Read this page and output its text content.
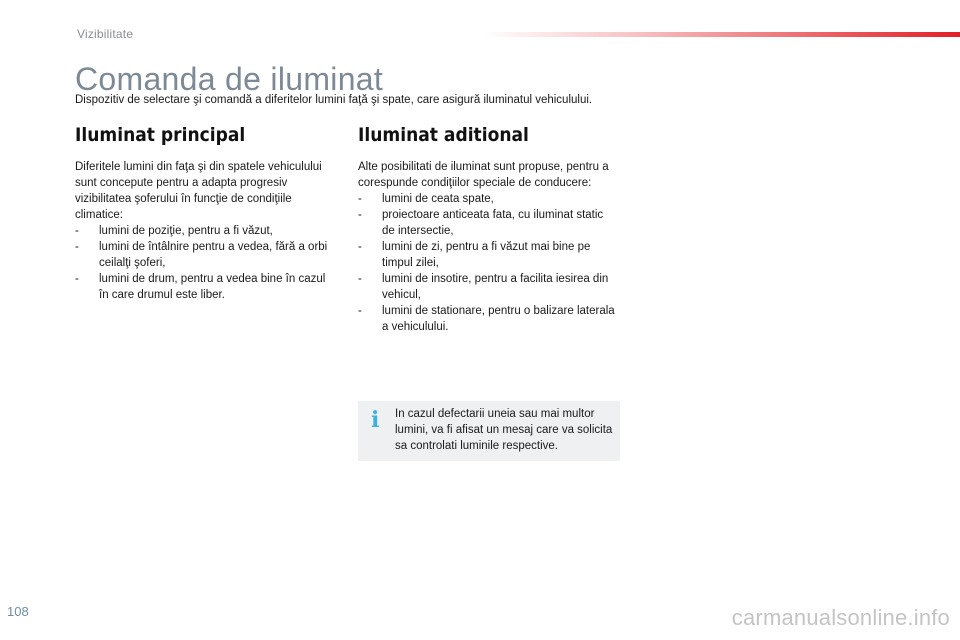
Vizibilitate
Comanda de iluminat

Dispozitiv de selectare şi comandă a diferitelor lumini faţă şi spate, care asigură iluminatul vehiculului.

Iluminat principal

Diferitele lumini din faţa şi din spatele vehiculului sunt concepute pentru a adapta progresiv vizibilitatea şoferului în funcţie de condiţiile climatice:

- lumini de poziţie, pentru a fi văzut,
- lumini de întâlnire pentru a vedea, fără a orbi ceilalţi şoferi,
- lumini de drum, pentru a vedea bine în cazul în care drumul este liber.
Iluminat aditional

Alte posibilitati de iluminat sunt propuse, pentru a corespunde condiţiilor speciale de conducere:

- lumini de ceata spate,
- proiectoare anticeata fata, cu iluminat static de intersectie,
- lumini de zi, pentru a fi văzut mai bine pe timpul zilei,
- lumini de insotire, pentru a facilita iesirea din vehicul,
- lumini de stationare, pentru o balizare laterala a vehiculului.
i In cazul defectarii uneia sau mai multor lumini, va fi afisat un mesaj care va solicita sa controlati luminile respective.

108	carmanualsonline.info
